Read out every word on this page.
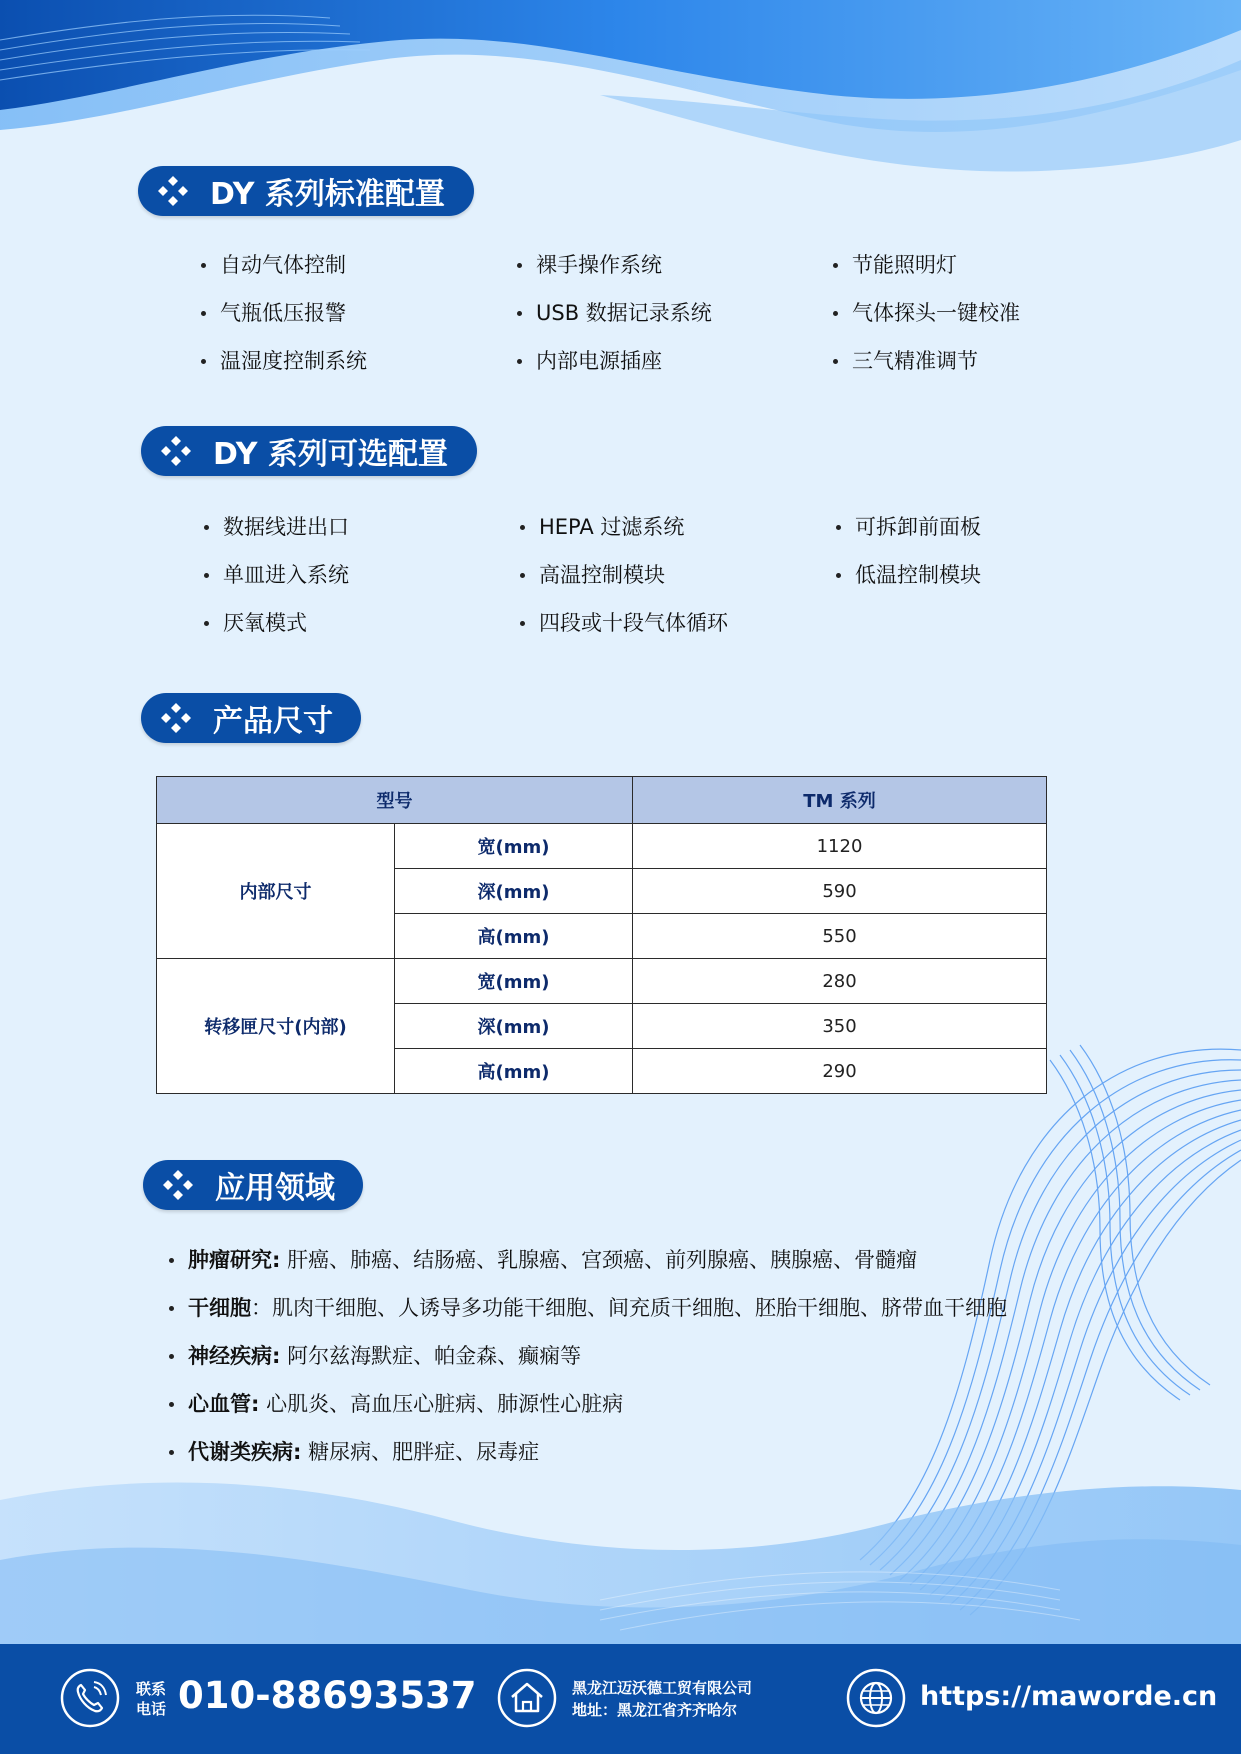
DY 系列标准配置
自动气体控制	裸手操作系统	节能照明灯
气瓶低压报警	USB 数据记录系统	气体探头一键校准
温湿度控制系统	内部电源插座	三气精准调节
DY 系列可选配置
数据线进出口	HEPA 过滤系统	可拆卸前面板
单皿进入系统	高温控制模块	低温控制模块
厌氧模式	四段或十段气体循环
产品尺寸
型号		TM 系列
内部尺寸	宽(mm)	1120
	深(mm)	590
	高(mm)	550
转移匣尺寸(内部)	宽(mm)	280
	深(mm)	350
	高(mm)	290
应用领域
肿瘤研究: 肝癌、肺癌、结肠癌、乳腺癌、宫颈癌、前列腺癌、胰腺癌、骨髓瘤
干细胞：肌肉干细胞、人诱导多功能干细胞、间充质干细胞、胚胎干细胞、脐带血干细胞
神经疾病: 阿尔兹海默症、帕金森、癫痫等
心血管: 心肌炎、高血压心脏病、肺源性心脏病
代谢类疾病: 糖尿病、肥胖症、尿毒症
联系
电话 010-88693537	黑龙江迈沃德工贸有限公司
地址：黑龙江省齐齐哈尔	https://maworde.cn
